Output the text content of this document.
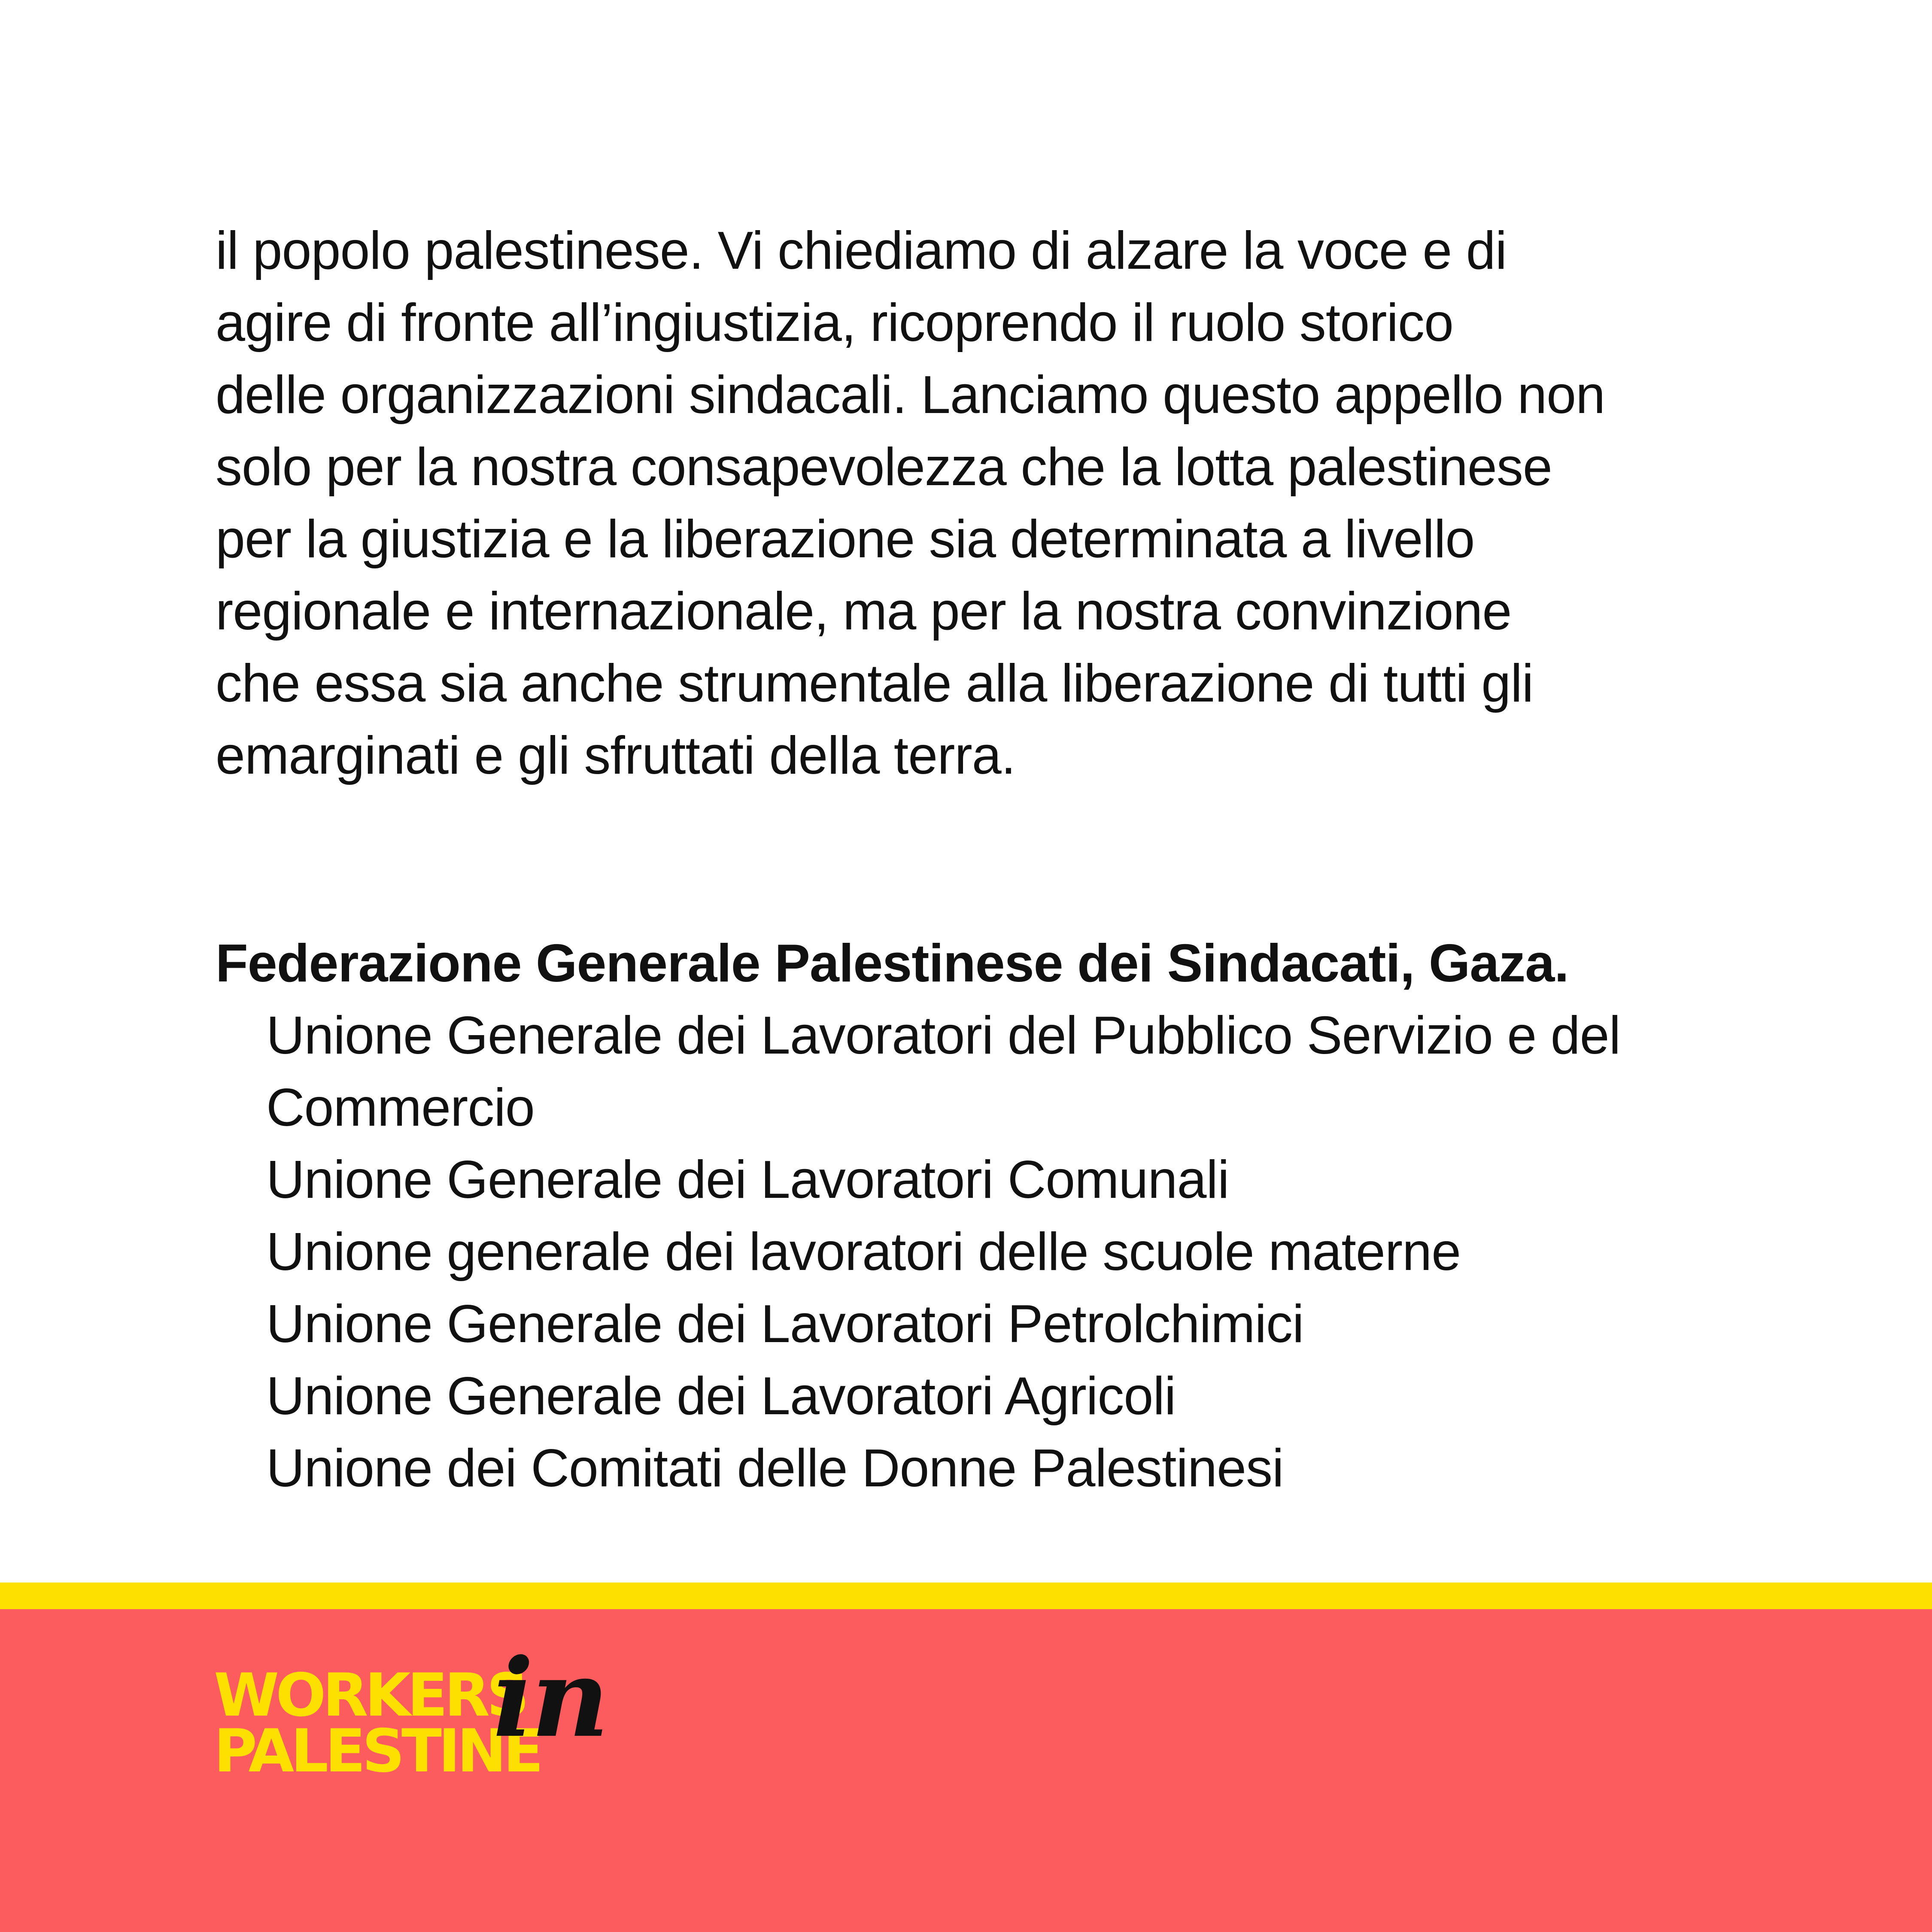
il popolo palestinese. Vi chiediamo di alzare la voce e di
agire di fronte all’ingiustizia, ricoprendo il ruolo storico
delle organizzazioni sindacali. Lanciamo questo appello non
solo per la nostra consapevolezza che la lotta palestinese
per la giustizia e la liberazione sia determinata a livello
regionale e internazionale, ma per la nostra convinzione
che essa sia anche strumentale alla liberazione di tutti gli
emarginati e gli sfruttati della terra.
Federazione Generale Palestinese dei Sindacati, Gaza.
Unione Generale dei Lavoratori del Pubblico Servizio e del
Commercio
Unione Generale dei Lavoratori Comunali
Unione generale dei lavoratori delle scuole materne
Unione Generale dei Lavoratori Petrolchimici
Unione Generale dei Lavoratori Agricoli
Unione dei Comitati delle Donne Palestinesi
WORKERS
PALESTINE
in
